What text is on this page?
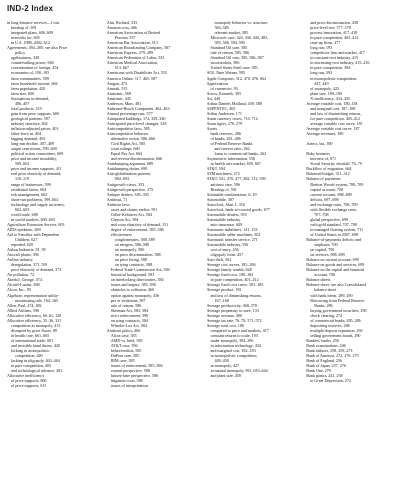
IND-2 Index
in long distance services—Cont.
breakup of, 691
integrated plans, 606–609
networks for, 605
in U.S. 1998–2002, 612
Agreements, 394–405; see also Price
policy
agribusiness, 438
countervailing power, 660
concentration of foreign, 454
economies of, 190–195
farm communities, 599
farm household income, 604
farm population, 420
farm size, 600
fluctuations in demand,
406–407
food products, 319
gain from price supports, 606
geological patterns, 597
industry structure, 602
inflation-adjusted prices, 401
labor-force in, 404
lagging demand, 403
long-run decline, 407–409
output restrictions, 599–600
political action committees, 609
price and income instability,
599–602
price and income supports, 411
real price elasticity of demand,
118–119
range of businesses, 599
residential farms, 604
risk management, 602
short-run problems, 599–602
technology and supply increases,
602–603
world trade, 608
in world markets, 600–603
Agriculture Extension Service, 603
AIDS epidemic, 669
Aid to Families with Dependent
Children, 627
repealed, 629
Airbus Industrie, 81, 95
Aircraft plants, 396
Airline industry
deregulation, 371, 591
price elasticity of demand, 373
Air pollution, 72
Akerlof, George, 374
Alcatel-Lucent, 368
Alcoa, Inc., 95
Algebraic representation utility-
maximizing rule, 164–165
Allen, Paul, 474, 482
Allied Airlines, 596
Allocative efficiency, 60–61, 120
Allocative efficiency, 35–36, 331
competition as monopoly, 413
disrupted by price floors, 80
in health care, 661–665
of international trade, 681
and invisible hand theory, 420
lacking in monopolistic
competition, 449
lacking in oligopoly, 463–464
in pure competition, 405
and technological advance, 481
Allocative inefficiency
of price supports, 606
of price supports, 611
Alm, Richard, 333
Amazon.com, 466
American Association of Retired
Persons, 557
American Bar Association, 513
American Broadcasting Company, 587
American Express, 279, 289
American Federation of Labor, 533
American Medical Association,
513, 667
Americans with Disabilities Act, 552
America Online, 117, 465, 587
Amgen, 473
Amtrak, 515
Anatomic, 569
Anatomic, 445
Anderson, Marc, 481
Anheuser-Busch Companies, 462–463
Annual percentage rate, 577
Antiquated buildings, 174, 339–340
Anticipated price-level changes, 328
Anticompetitive laws, 585
Anticompetitive behavior
alternative action, 586–666
Civil Rights Act, 585
court rulings, 660
Equal Pay Act, 663
and reverse discrimination, 666
Antidumping argument, 689
Antidumping duties, 690
Anti-globalization protests,
692–693
Antigrowth views, 353
Antigrowth perspective, 375
Antique dealers, 349–350
Antitrust, 71
Antitrust laws
cases and claims earlier, 591
Celler-Kefauver Act, 584
Clayton Act, 584
and cross elasticity of demand, 151
degree of enforcement, 585–586
effectiveness
conglomerates, 588–589
on mergers, 586–588
on monopoly, 586
on price discrimination, 588
on price fixing, 588
on tying contracts, 588
Federal Trade Commission Act, 584
historical background, 583
on interlocking directorates, 584
issues and impact, 585–590
obstacles to collusion, 460
option against monopoly, 436
per se violations, 587
rule of reason, 586
Sherman Act, 583, 584
strict enforcement, 590
on tying contracts, 584
Wheeler-Lea Act, 584
Antitrust policy, 466
Alcoa case, 585
AMD vs. Intel, 585
AT&T case, 596
behavioralists, 585
DuPont case, 585
IBM case, 585
issues of enforcement, 585–586
current perspective, 586
laissez-faire perspective, 586
litigation costs, 586
issues of interpretation
monopoly behavior vs. structure,
584–585
relevant market, 585
Microsoft case, 424, 436, 443, 483,
585, 586, 594–595
Standard Oil case, 585
rule of reason, 585, 586
Standard Oil case, 585, 586–587
structuralists, 586
United States Steel case, 585
AOL Time Warner, 595
Apple Computer, 312, 470, 476, 662
Appreciation
of currencies, 93
Arrow, Kenneth, 393
Art, 449
Arthur Daniels Midland, 439, 588
ASPENTEC, 465
Arthur Andersen, 171
Asian currency crises, 710, 712
Asian tigers, 276, 279
Assets
bank reserves, 286
of banks, 281–286
of Federal Reserve Banks
and reserve ratio, 262
loans to commercial banks, 262
Asymmetric information, 556
in health care market, 659, 667
AT&T, 594
ATM machines, 272
AT&T, 341, 470, 477, 482, 512, 590
antitrust case, 596
Breakup of, 591
Attainable combinations, 6–19
Automobile, 307
Autoclock, Alan J., 316
Autoclock, bank-to-coaxial goods, 677
Automobile dealers, 593
Automobile industry
auto insurance, 609
Automatic stabilizers, 141, 153
Automobile seller machines, 502
Automatic transfer service, 271
Automobile industry, 356
cost of entry, 456
oligopoly from, 457
Auto theft, 502
Average cost curves, 181–186
Average family wealth, 628
Average fixed cost, 180–184
in pure competition, 401–412
Average fixed cost curve, 181–185
Average product, 181
and law of diminishing returns,
167–168
Average productivity, 368–370
Average propensity to save, 133
Average revenue, 400
Average tax rate, 76–79, 571–572
Average total cost, 180
compared to price and markets, 417
constant returns to scale, 193
under monopoly, 394–396
in information technology, 434
and marginal cost, 182–183
in monopolistic competition,
449–450
in monopoly, 427
in natural monopoly, 591, 633–644
and plant size, 450
and price discrimination, 438
price-level rise, 577–578
process innovation, 417–418
in pure competition, 405–412
start-up firms, 477
long run, 193
competitive firm and market, 417
in constant-cost industry, 415
in increasing-cost industry, 415–416
in pure competition, 394
long run, 393
in monopolistic competition,
447, 449
of monopoly, 425
plant size, 189–190
X-inefficiency, 434–435
Average variable cost, 180–181
and marginal cost, 187–188
and law of diminishing returns,
for pure competition, 405–412
average variable cost curve, 181
Average variable cost curve, 187
Average revenues, 180

Aztecs, lax, 390

Baby boomers
increase of, 671
Social Security shortfall, 76–79
Backflow of migration, 664
Balanced budget, 311–312
Balance of payments
Bretton Woods system, 708–709
capital account, 700
current account, 698–699
deficits, 697–698
and exchange rates, 708–709
with flexible exchange rates,
707–708
global perspective, 699
with gold standard, 707–708
in managed floating system, 711
of United States in 2007, 698
Balance-of-payments deficits and
surpluses, 700
on capital, 700
on services, 698–699
Balance on current account, 699
Balance on goods and services, 699
Balance on the capital and financial
account, 700
Balance sheets
Balance sheet; see also Consolidated
balance sheet
with bank items, 289, 290
Borrowing from Federal Reserve
Banks, 286
buying government securities, 290
check clearing, 274
of commercial banks, 285–286
depositing reserves, 286
multiple-deposit expansion, 292
selling government bonds, 290
Bankers' banks, 256
Bank examinations, 246
Bank failures, 258, 259–273
Bank of America, 272, 276, 279
Bank of England, 256
Bank of Japan, 257, 276
Bank One, 279
Bank panics, 241, 258
in Great Depression, 272
